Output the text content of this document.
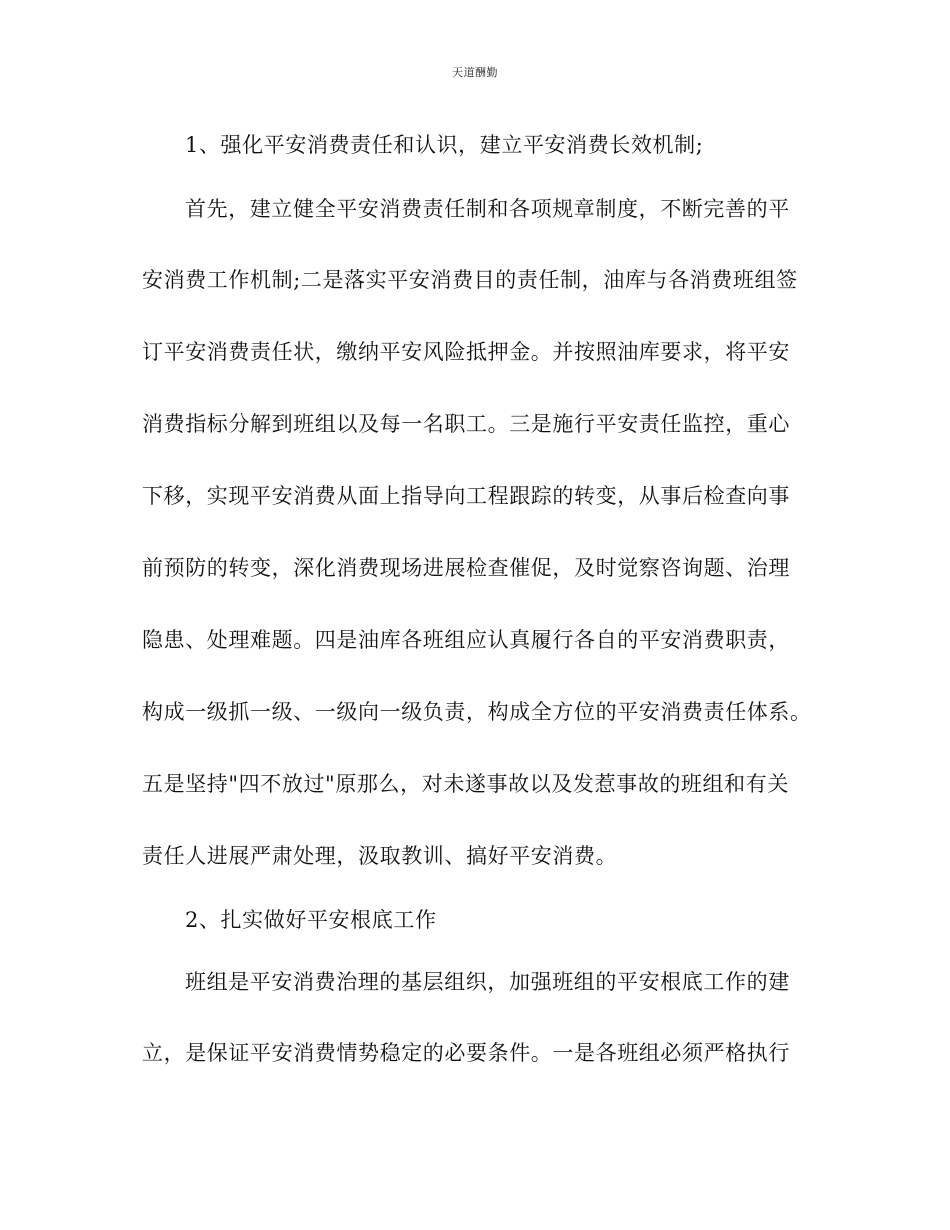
天道酬勤
1、强化平安消费责任和认识，建立平安消费长效机制;
首先，建立健全平安消费责任制和各项规章制度，不断完善的平
安消费工作机制;二是落实平安消费目的责任制，油库与各消费班组签
订平安消费责任状，缴纳平安风险抵押金。并按照油库要求，将平安
消费指标分解到班组以及每一名职工。三是施行平安责任监控，重心
下移，实现平安消费从面上指导向工程跟踪的转变，从事后检查向事
前预防的转变，深化消费现场进展检查催促，及时觉察咨询题、治理
隐患、处理难题。四是油库各班组应认真履行各自的平安消费职责，
构成一级抓一级、一级向一级负责，构成全方位的平安消费责任体系。
五是坚持"四不放过"原那么，对未遂事故以及发惹事故的班组和有关
责任人进展严肃处理，汲取教训、搞好平安消费。
2、扎实做好平安根底工作
班组是平安消费治理的基层组织，加强班组的平安根底工作的建
立，是保证平安消费情势稳定的必要条件。一是各班组必须严格执行
